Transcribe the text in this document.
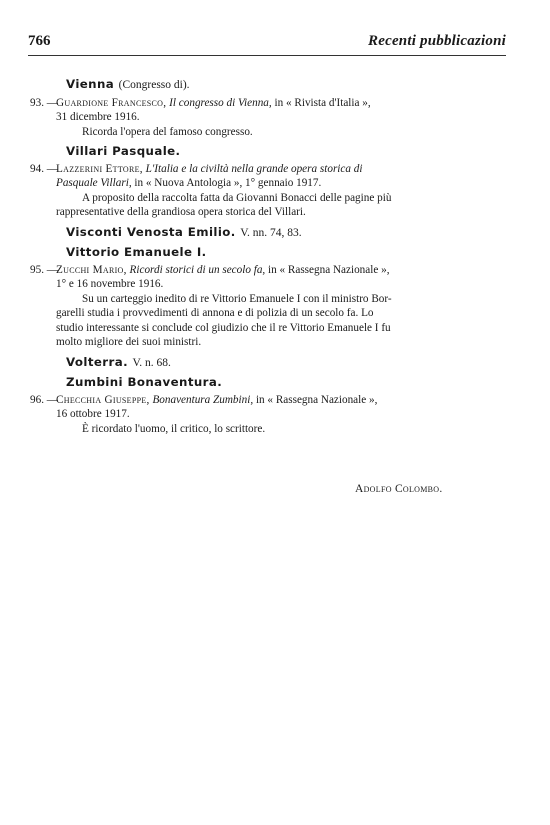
766	Recenti pubblicazioni
Vienna (Congresso di).
93. —
Guardione Francesco, Il congresso di Vienna, in « Rivista d'Italia »,
31 dicembre 1916.

Ricorda l'opera del famoso congresso.

Villari Pasquale.
94. —
Lazzerini Ettore, L'Italia e la civiltà nella grande opera storica di
Pasquale Villari, in « Nuova Antologia », 1° gennaio 1917.
A proposito della raccolta fatta da Giovanni Bonacci delle pagine più
rappresentative della grandiosa opera storica del Villari.
Visconti Venosta Emilio. V. nn. 74, 83.
Vittorio Emanuele I.
95. —
Zucchi Mario, Ricordi storici di un secolo fa, in « Rassegna Nazionale »,
1° e 16 novembre 1916.
Su un carteggio inedito di re Vittorio Emanuele I con il ministro Bor-
garelli studia i provvedimenti di annona e di polizia di un secolo fa. Lo
studio interessante si conclude col giudizio che il re Vittorio Emanuele I fu
molto migliore dei suoi ministri.
Volterra. V. n. 68.
Zumbini Bonaventura.
96. —
Checchia Giuseppe, Bonaventura Zumbini, in « Rassegna Nazionale »,
16 ottobre 1917.

È ricordato l'uomo, il critico, lo scrittore.

Adolfo Colombo.
